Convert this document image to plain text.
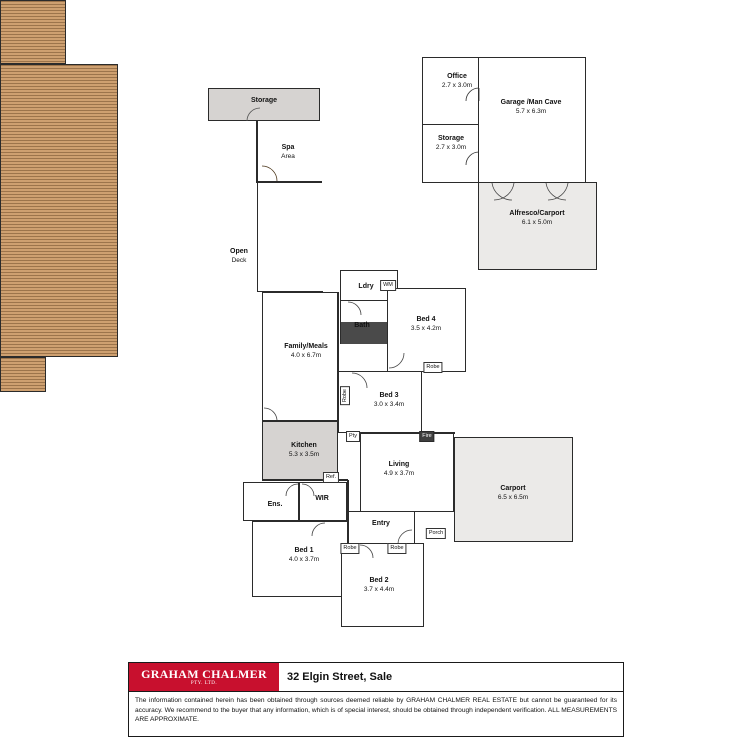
Storage
Spa
Area
Open
Deck
Office
2.7 x 3.0m
Garage /Man Cave
5.7 x 6.3m
Storage
2.7 x 3.0m
Alfresco/Carport
6.1 x 5.0m
Ldry
Bath
Bed 4
3.5 x 4.2m
Family/Meals
4.0 x 6.7m
Bed 3
3.0 x 3.4m
Kitchen
5.3 x 3.5m
Living
4.9 x 3.7m
Carport
6.5 x 6.5m
Ens.
WIR
Entry
Bed 1
4.0 x 3.7m
Bed 2
3.7 x 4.4m
WM
Robe
Robe
Pty	Fire
Ref.
Robe	Robe
Porch
GRAHAM CHALMER
PTY. LTD.
32 Elgin Street, Sale
The information contained herein has been obtained through sources deemed reliable by GRAHAM CHALMER REAL ESTATE but cannot be guaranteed for its accuracy. We recommend to the buyer that any information, which is of special interest, should be obtained through independent verification. ALL MEASUREMENTS ARE APPROXIMATE.
